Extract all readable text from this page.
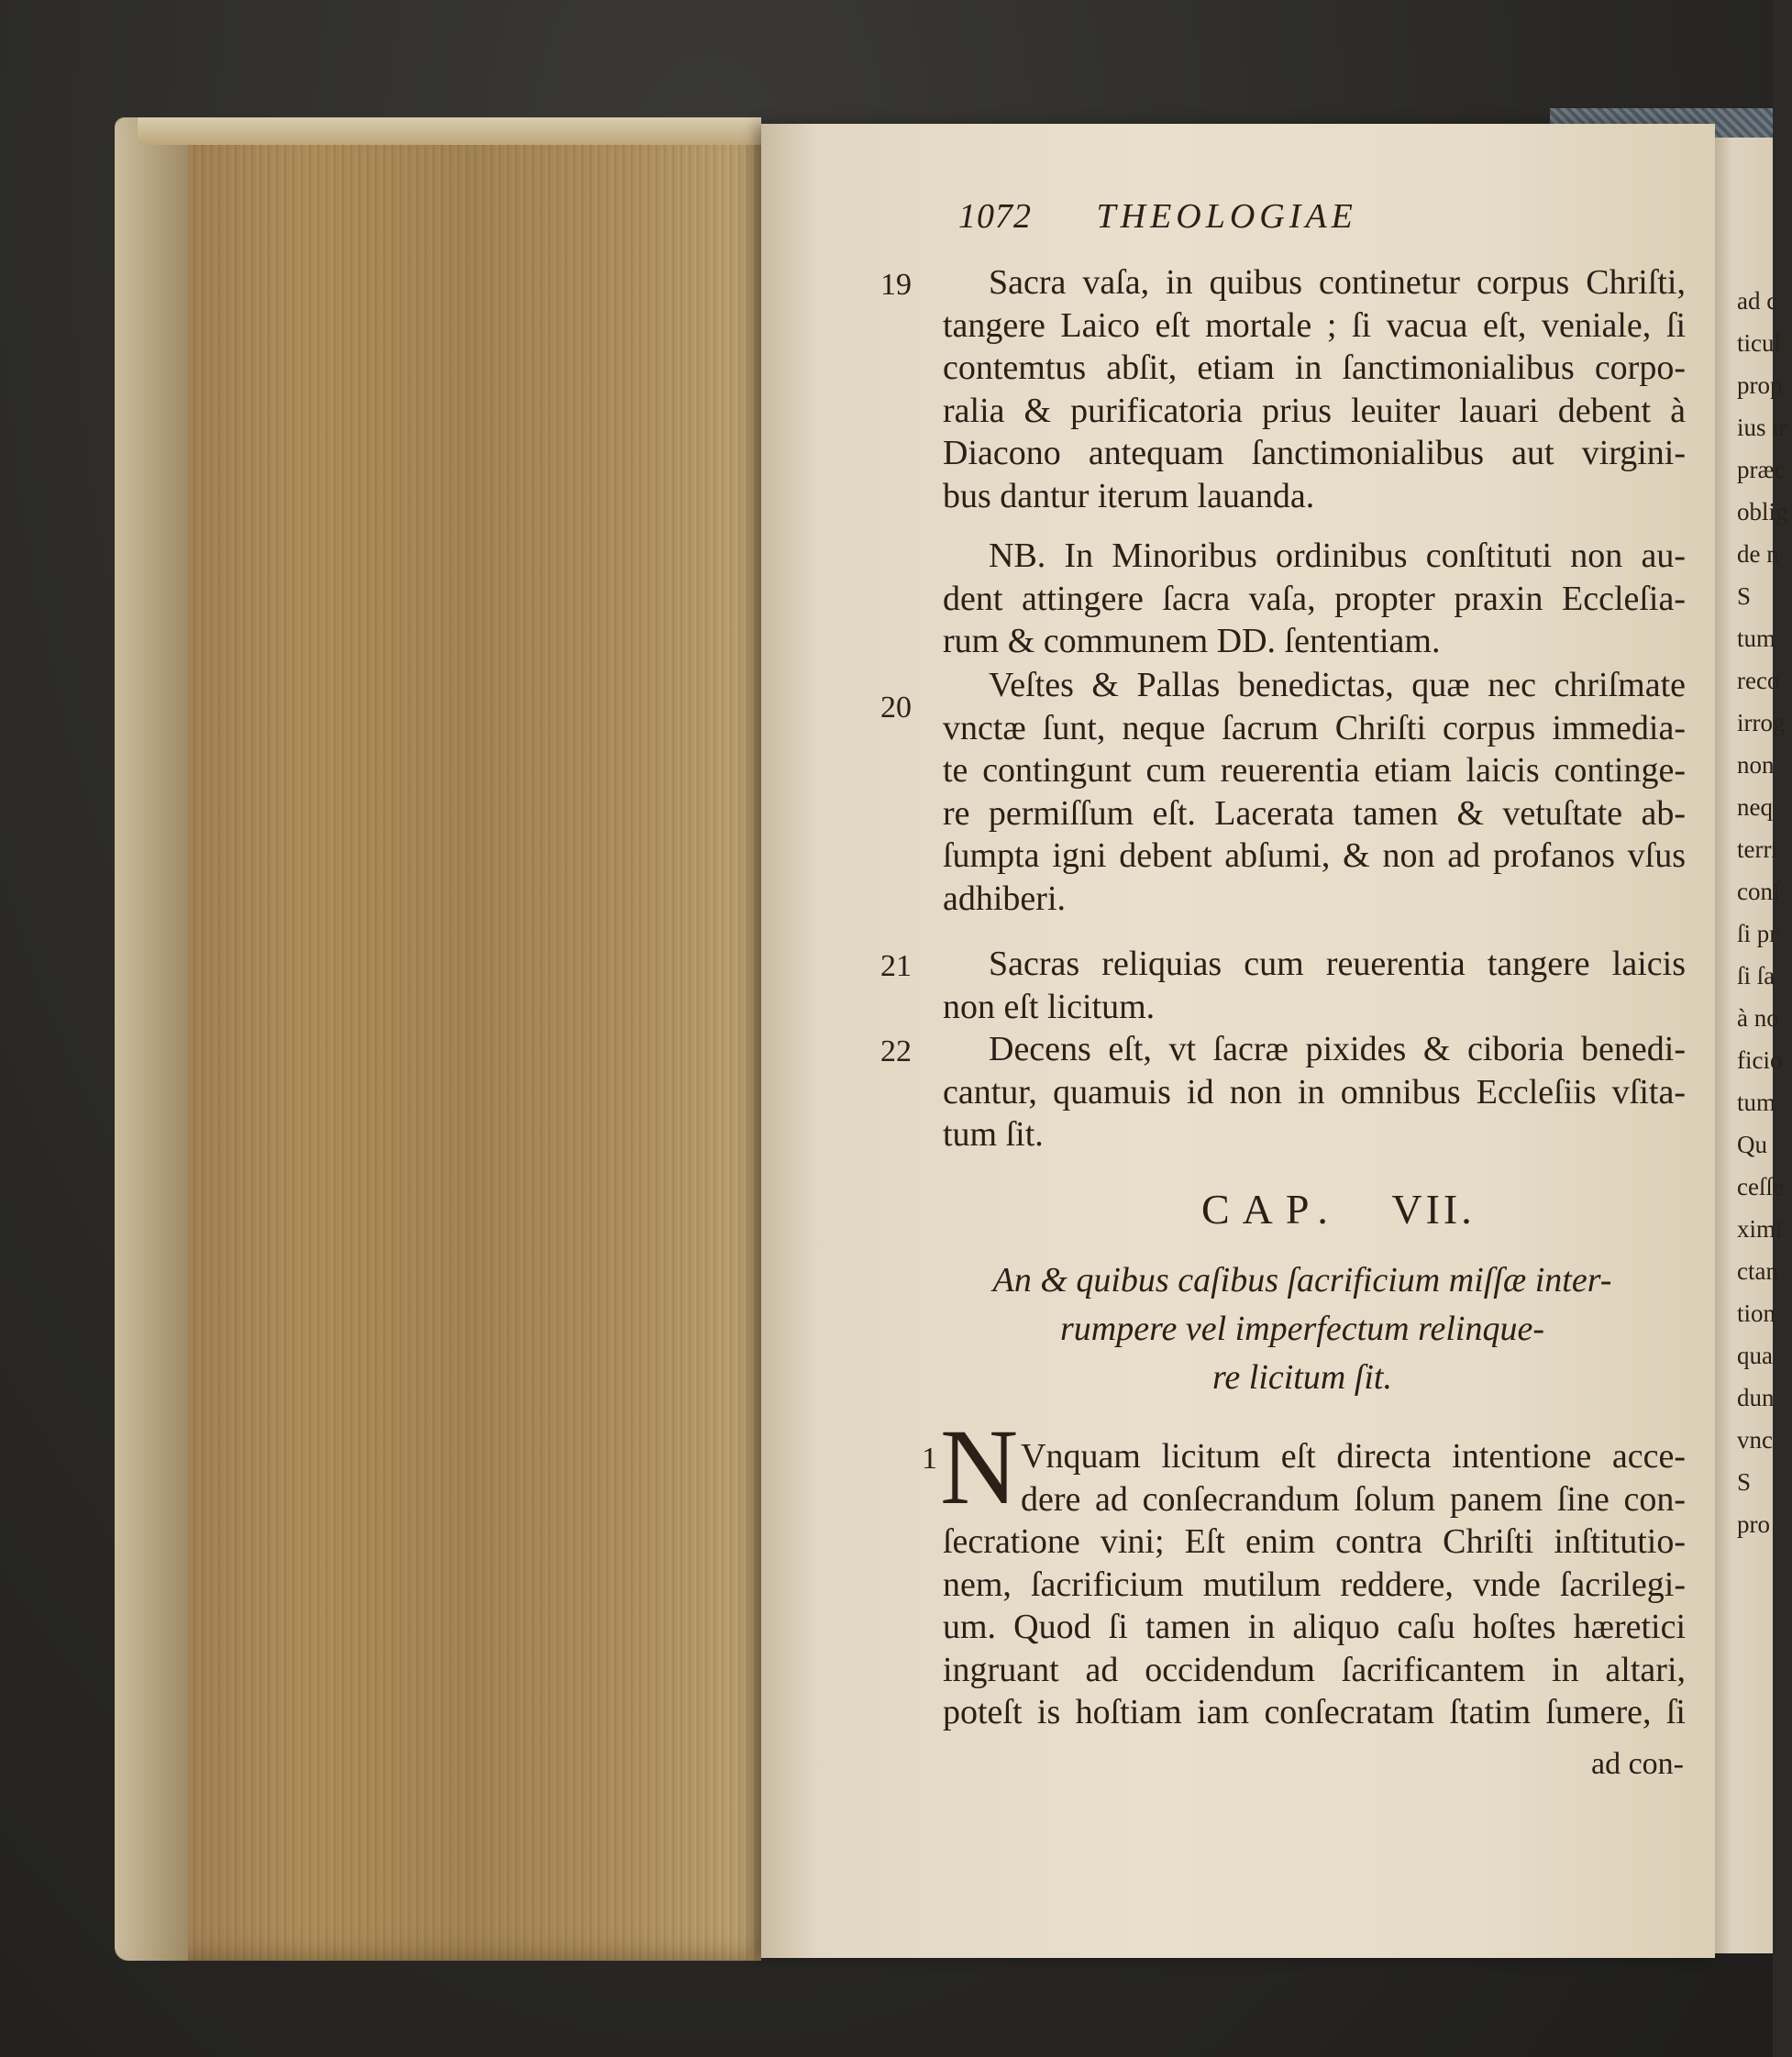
ad c
ticul
prop
ius ir
præc
oblig
de n
S
tum
reco
irrog
non
neq
terri
conſ
ſi pr
ſi ſa
à no
ficio
tum
Qu
ceſſe
ximi
ctan
tion
qua
dun
vnc
S
pro
1072 THEOLOGIAE
19	Sacra vaſa, in quibus continetur corpus Chriſti,
tangere Laico eſt mortale ; ſi vacua eſt, veniale, ſi
contemtus abſit, etiam in ſanctimonialibus corpo-
ralia & purificatoria prius leuiter lauari debent à
Diacono antequam ſanctimonialibus aut virgini-
bus dantur iterum lauanda.
NB. In Minoribus ordinibus conſtituti non au-
dent attingere ſacra vaſa, propter praxin Eccleſia-
rum & communem DD. ſententiam.
20
Veſtes & Pallas benedictas, quæ nec chriſmate
vnctæ ſunt, neque ſacrum Chriſti corpus immedia-
te contingunt cum reuerentia etiam laicis continge-
re permiſſum eſt. Lacerata tamen & vetuſtate ab-
ſumpta igni debent abſumi, & non ad profanos vſus
adhiberi.
21	Sacras reliquias cum reuerentia tangere laicis
non eſt licitum.
22	Decens eſt, vt ſacræ pixides & ciboria benedi-
cantur, quamuis id non in omnibus Eccleſiis vſita-
tum ſit.
CAP. VII.
An & quibus caſibus ſacrificium miſſæ inter-
rumpere vel imperfectum relinque-
re licitum ſit.
1 N Vnquam licitum eſt directa intentione acce-
dere ad conſecrandum ſolum panem ſine con-
ſecratione vini; Eſt enim contra Chriſti inſtitutio-
nem, ſacrificium mutilum reddere, vnde ſacrilegi-
um. Quod ſi tamen in aliquo caſu hoſtes hæretici
ingruant ad occidendum ſacrificantem in altari,
poteſt is hoſtiam iam conſecratam ſtatim ſumere, ſi
ad con-
